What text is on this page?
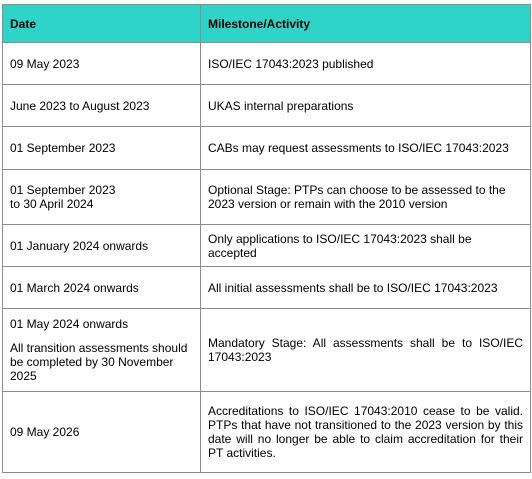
Date	Milestone/Activity
09 May 2023	ISO/IEC 17043:2023 published
June 2023 to August 2023	UKAS internal preparations
01 September 2023	CABs may request assessments to ISO/IEC 17043:2023

01 September 2023
to 30 April 2024	Optional Stage: PTPs can choose to be assessed to the 2023 version or remain with the 2010 version
01 January 2024 onwards	Only applications to ISO/IEC 17043:2023 shall be accepted
01 March 2024 onwards	All initial assessments shall be to ISO/IEC 17043:2023

01 May 2024 onwards
All transition assessments should be completed by 30 November 2025	Mandatory Stage: All assessments shall be to ISO/IEC 17043:2023
09 May 2026	Accreditations to ISO/IEC 17043:2010 cease to be valid. PTPs that have not transitioned to the 2023 version by this date will no longer be able to claim accreditation for their PT activities.
